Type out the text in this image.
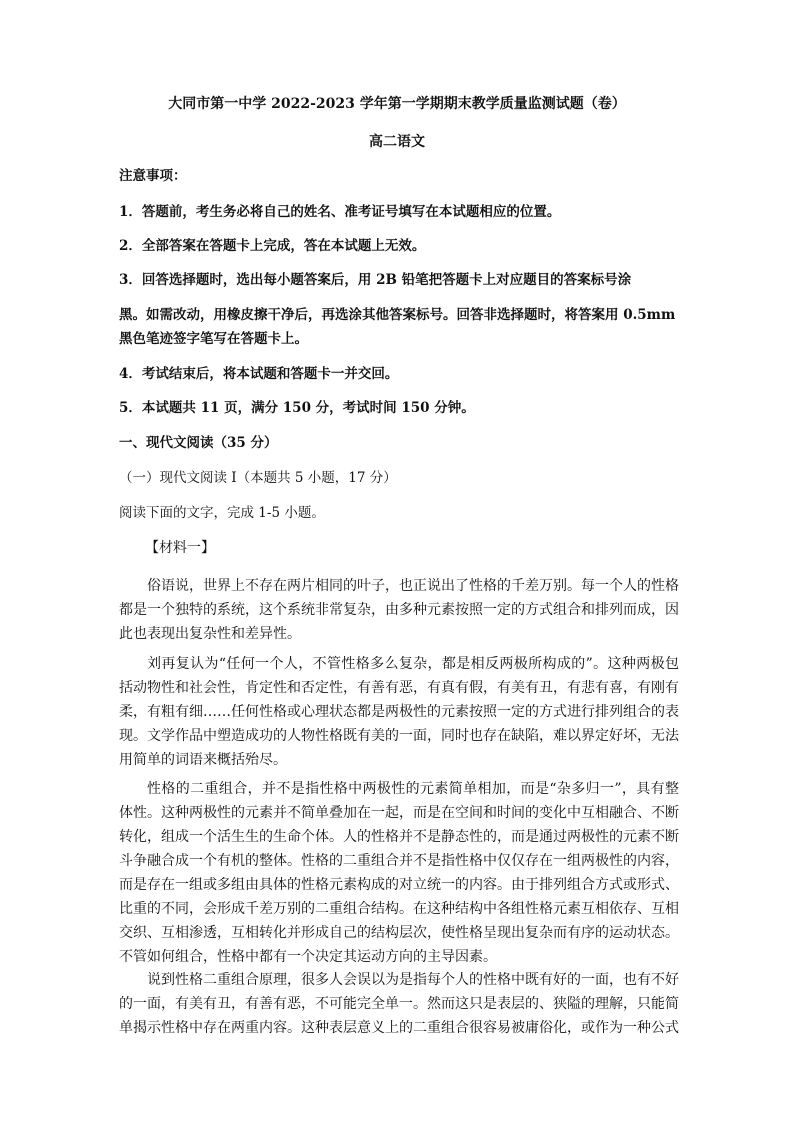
大同市第一中学 2022-2023 学年第一学期期末教学质量监测试题（卷）
高二语文
注意事项：
1．答题前，考生务必将自己的姓名、准考证号填写在本试题相应的位置。
2．全部答案在答题卡上完成，答在本试题上无效。
3．回答选择题时，选出每小题答案后，用 2B 铅笔把答题卡上对应题目的答案标号涂
黑。如需改动，用橡皮擦干净后，再选涂其他答案标号。回答非选择题时，将答案用 0.5mm
黑色笔迹签字笔写在答题卡上。
4．考试结束后，将本试题和答题卡一并交回。
5．本试题共 11 页，满分 150 分，考试时间 150 分钟。
一、现代文阅读（35 分）
（一）现代文阅读 I（本题共 5 小题，17 分）
阅读下面的文字，完成 1-5 小题。
【材料一】
俗语说，世界上不存在两片相同的叶子，也正说出了性格的千差万别。每一个人的性格
都是一个独特的系统，这个系统非常复杂，由多种元素按照一定的方式组合和排列而成，因
此也表现出复杂性和差异性。
刘再复认为“任何一个人，不管性格多么复杂，都是相反两极所构成的”。这种两极包
括动物性和社会性，肯定性和否定性，有善有恶，有真有假，有美有丑，有悲有喜，有刚有
柔，有粗有细……任何性格或心理状态都是两极性的元素按照一定的方式进行排列组合的表
现。文学作品中塑造成功的人物性格既有美的一面，同时也存在缺陷，难以界定好坏，无法
用简单的词语来概括殆尽。
性格的二重组合，并不是指性格中两极性的元素简单相加，而是“杂多归一”，具有整
体性。这种两极性的元素并不简单叠加在一起，而是在空间和时间的变化中互相融合、不断
转化，组成一个活生生的生命个体。人的性格并不是静态性的，而是通过两极性的元素不断
斗争融合成一个有机的整体。性格的二重组合并不是指性格中仅仅存在一组两极性的内容，
而是存在一组或多组由具体的性格元素构成的对立统一的内容。由于排列组合方式或形式、
比重的不同，会形成千差万别的二重组合结构。在这种结构中各组性格元素互相依存、互相
交织、互相渗透，互相转化并形成自己的结构层次，使性格呈现出复杂而有序的运动状态。
不管如何组合，性格中都有一个决定其运动方向的主导因素。
说到性格二重组合原理，很多人会误以为是指每个人的性格中既有好的一面，也有不好
的一面，有美有丑，有善有恶，不可能完全单一。然而这只是表层的、狭隘的理解，只能简
单揭示性格中存在两重内容。这种表层意义上的二重组合很容易被庸俗化，或作为一种公式
